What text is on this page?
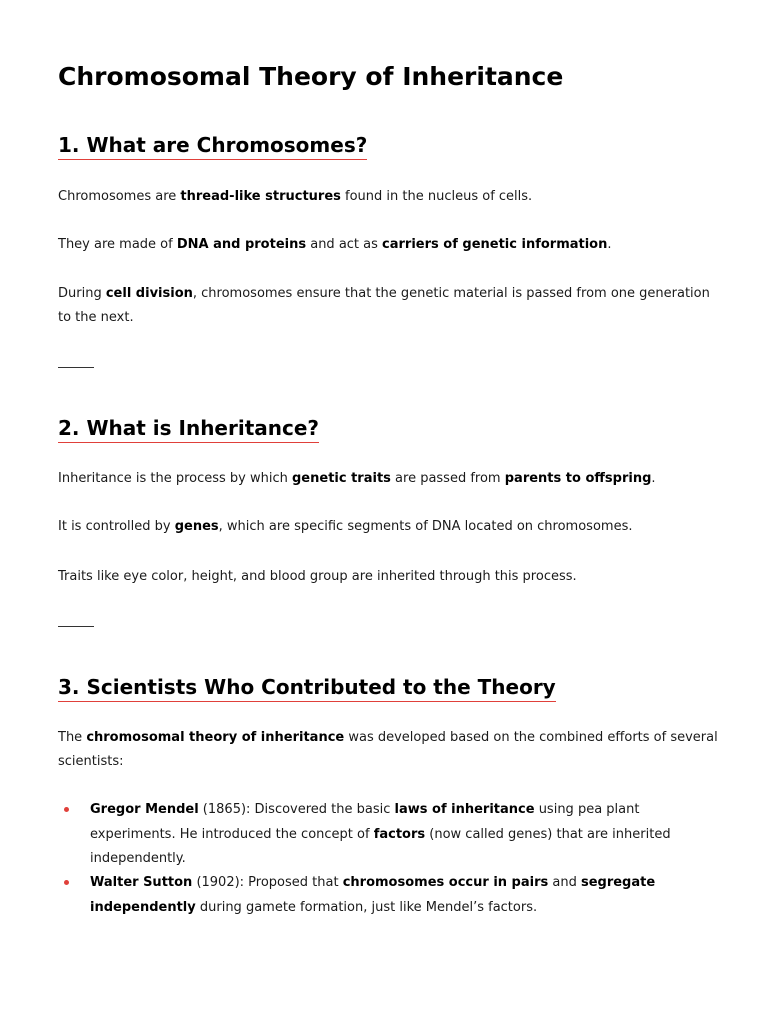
Chromosomal Theory of Inheritance
1. What are Chromosomes?

Chromosomes are thread-like structures found in the nucleus of cells.

They are made of DNA and proteins and act as carriers of genetic information.

During cell division, chromosomes ensure that the genetic material is passed from one generation to the next.

2. What is Inheritance?

Inheritance is the process by which genetic traits are passed from parents to offspring.

It is controlled by genes, which are specific segments of DNA located on chromosomes.

Traits like eye color, height, and blood group are inherited through this process.

3. Scientists Who Contributed to the Theory

The chromosomal theory of inheritance was developed based on the combined efforts of several scientists:

Gregor Mendel (1865): Discovered the basic laws of inheritance using pea plant experiments. He introduced the concept of factors (now called genes) that are inherited independently.

Walter Sutton (1902): Proposed that chromosomes occur in pairs and segregate independently during gamete formation, just like Mendel’s factors.
